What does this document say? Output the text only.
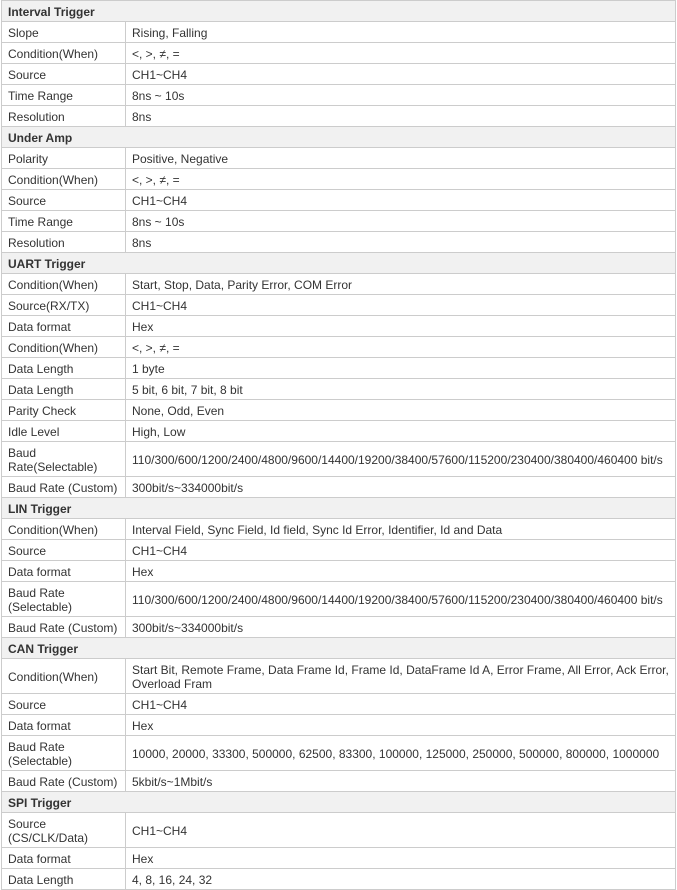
Interval Trigger	
Slope	Rising, Falling
Condition(When)	<, >, ≠, =
Source	CH1~CH4
Time Range	8ns ~ 10s
Resolution	8ns
Under Amp	
Polarity	Positive, Negative
Condition(When)	<, >, ≠, =
Source	CH1~CH4
Time Range	8ns ~ 10s
Resolution	8ns
UART Trigger	
Condition(When)	Start, Stop, Data, Parity Error, COM Error
Source(RX/TX)	CH1~CH4
Data format	Hex
Condition(When)	<, >, ≠, =
Data Length	1 byte
Data Length	5 bit, 6 bit, 7 bit, 8 bit
Parity Check	None, Odd, Even
Idle Level	High, Low
Baud Rate(Selectable)	110/300/600/1200/2400/4800/9600/14400/19200/38400/57600/115200/230400/380400/460400 bit/s
Baud Rate (Custom)	300bit/s~334000bit/s
LIN Trigger	
Condition(When)	Interval Field, Sync Field, Id field, Sync Id Error, Identifier, Id and Data
Source	CH1~CH4
Data format	Hex
Baud Rate (Selectable)	110/300/600/1200/2400/4800/9600/14400/19200/38400/57600/115200/230400/380400/460400 bit/s
Baud Rate (Custom)	300bit/s~334000bit/s
CAN Trigger	
Condition(When)	Start Bit, Remote Frame, Data Frame Id, Frame Id, DataFrame Id A, Error Frame, All Error, Ack Error, Overload Fram
Source	CH1~CH4
Data format	Hex
Baud Rate (Selectable)	10000, 20000, 33300, 500000, 62500, 83300, 100000, 125000, 250000, 500000, 800000, 1000000
Baud Rate (Custom)	5kbit/s~1Mbit/s
SPI Trigger	
Source (CS/CLK/Data)	CH1~CH4
Data format	Hex
Data Length	4, 8, 16, 24, 32
